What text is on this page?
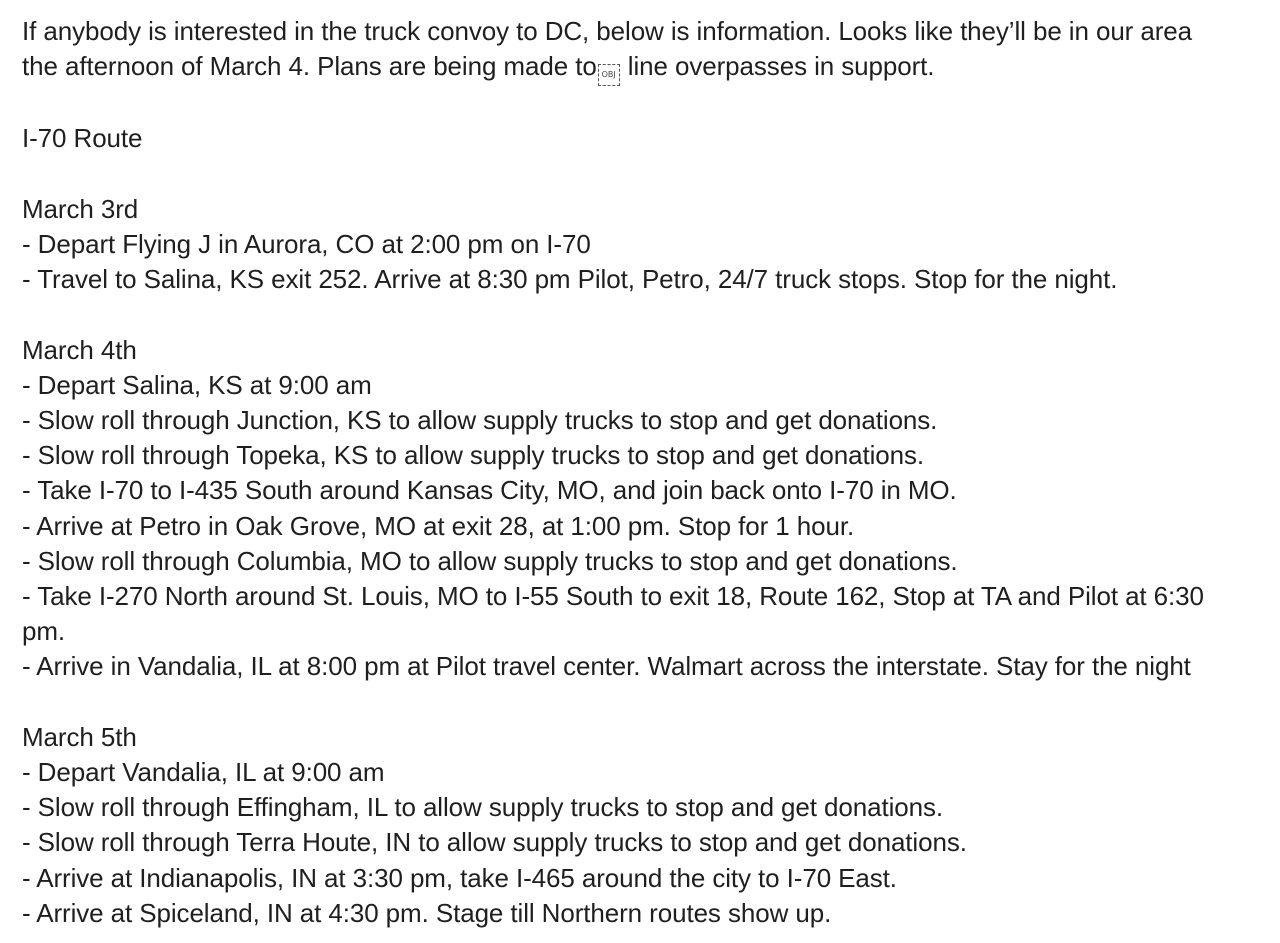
If anybody is interested in the truck convoy to DC, below is information. Looks like they’ll be in our area

the afternoon of March 4. Plans are being made to OBJ line overpasses in support.

I-70 Route

March 3rd

- Depart Flying J in Aurora, CO at 2:00 pm on I-70

- Travel to Salina, KS exit 252. Arrive at 8:30 pm Pilot, Petro, 24/7 truck stops. Stop for the night.

March 4th

- Depart Salina, KS at 9:00 am

- Slow roll through Junction, KS to allow supply trucks to stop and get donations.

- Slow roll through Topeka, KS to allow supply trucks to stop and get donations.

- Take I-70 to I-435 South around Kansas City, MO, and join back onto I-70 in MO.

- Arrive at Petro in Oak Grove, MO at exit 28, at 1:00 pm. Stop for 1 hour.

- Slow roll through Columbia, MO to allow supply trucks to stop and get donations.

- Take I-270 North around St. Louis, MO to I-55 South to exit 18, Route 162, Stop at TA and Pilot at 6:30

pm.

- Arrive in Vandalia, IL at 8:00 pm at Pilot travel center. Walmart across the interstate. Stay for the night

March 5th

- Depart Vandalia, IL at 9:00 am

- Slow roll through Effingham, IL to allow supply trucks to stop and get donations.

- Slow roll through Terra Houte, IN to allow supply trucks to stop and get donations.

- Arrive at Indianapolis, IN at 3:30 pm, take I-465 around the city to I-70 East.

- Arrive at Spiceland, IN at 4:30 pm. Stage till Northern routes show up.
